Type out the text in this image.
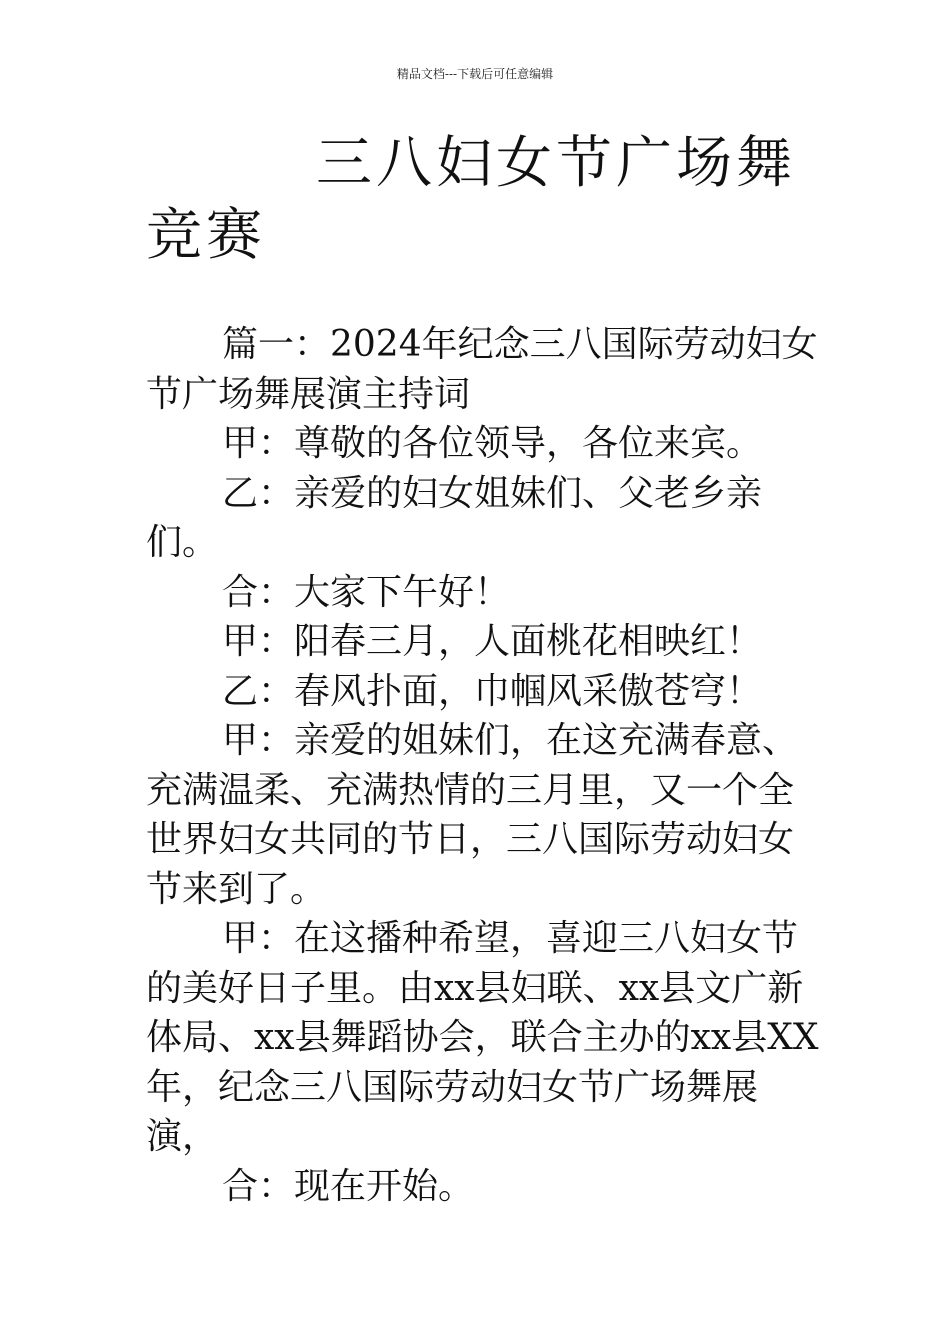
精品文档---下载后可任意编辑
三八妇女节广场舞竞赛

篇一：2024年纪念三八国际劳动妇女节广场舞展演主持词

甲：尊敬的各位领导，各位来宾。

乙：亲爱的妇女姐妹们、父老乡亲们。

合：大家下午好！

甲：阳春三月，人面桃花相映红！

乙：春风扑面，巾帼风采傲苍穹！

甲：亲爱的姐妹们，在这充满春意、充满温柔、充满热情的三月里，又一个全世界妇女共同的节日，三八国际劳动妇女节来到了。

甲：在这播种希望，喜迎三八妇女节的美好日子里。由xx县妇联、xx县文广新体局、xx县舞蹈协会，联合主办的xx县XX年，纪念三八国际劳动妇女节广场舞展演，

合：现在开始。
